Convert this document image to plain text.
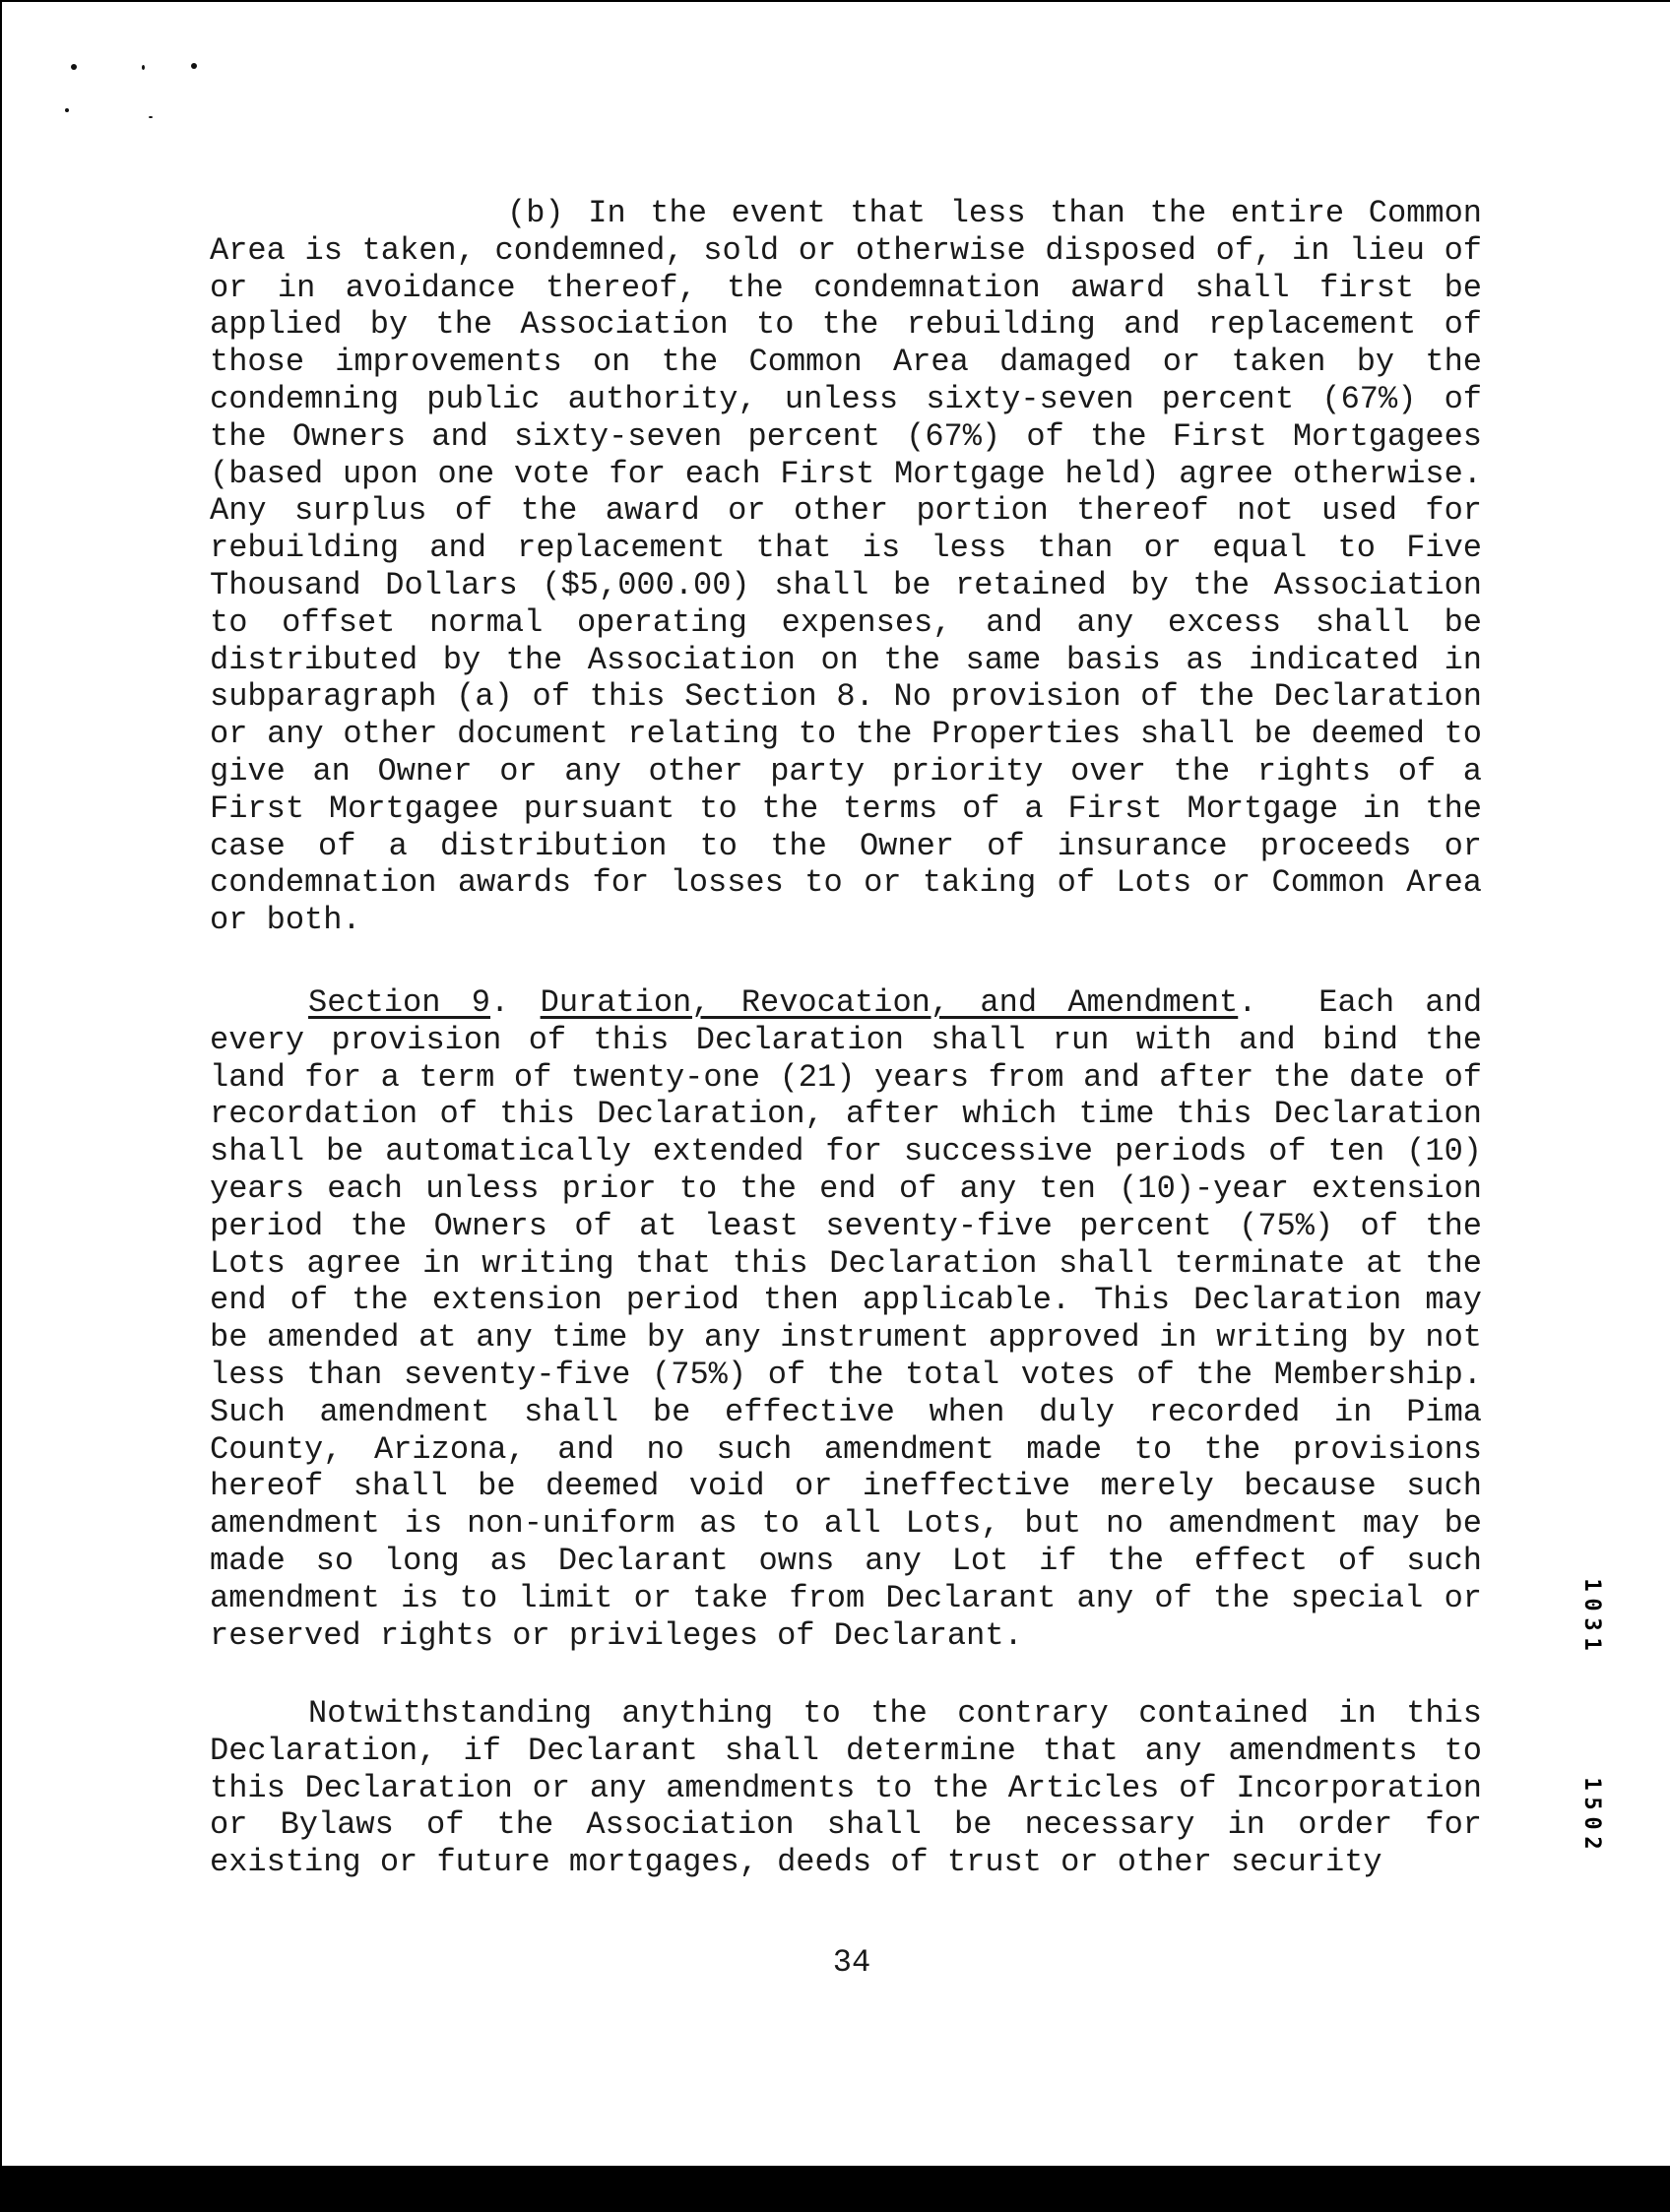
(b) In the event that less than the entire Common Area is taken, condemned, sold or otherwise disposed of, in lieu of or in avoidance thereof, the condemnation award shall first be applied by the Association to the rebuilding and replacement of those improvements on the Common Area damaged or taken by the condemning public authority, unless sixty-seven percent (67%) of the Owners and sixty-seven percent (67%) of the First Mortgagees (based upon one vote for each First Mortgage held) agree otherwise. Any surplus of the award or other portion thereof not used for rebuilding and replacement that is less than or equal to Five Thousand Dollars ($5,000.00) shall be retained by the Association to offset normal operating expenses, and any excess shall be distributed by the Association on the same basis as indicated in subparagraph (a) of this Section 8. No provision of the Declaration or any other document relating to the Properties shall be deemed to give an Owner or any other party priority over the rights of a First Mortgagee pursuant to the terms of a First Mortgage in the case of a distribution to the Owner of insurance proceeds or condemnation awards for losses to or taking of Lots or Common Area or both.

Section 9. Duration, Revocation, and Amendment. Each and every provision of this Declaration shall run with and bind the land for a term of twenty-one (21) years from and after the date of recordation of this Declaration, after which time this Declaration shall be automatically extended for successive periods of ten (10) years each unless prior to the end of any ten (10)-year extension period the Owners of at least seventy-five percent (75%) of the Lots agree in writing that this Declaration shall terminate at the end of the extension period then applicable. This Declaration may be amended at any time by any instrument approved in writing by not less than seventy-five (75%) of the total votes of the Membership. Such amendment shall be effective when duly recorded in Pima County, Arizona, and no such amendment made to the provisions hereof shall be deemed void or ineffective merely because such amendment is non-uniform as to all Lots, but no amendment may be made so long as Declarant owns any Lot if the effect of such amendment is to limit or take from Declarant any of the special or reserved rights or privileges of Declarant.

Notwithstanding anything to the contrary contained in this Declaration, if Declarant shall determine that any amendments to this Declaration or any amendments to the Articles of Incorporation or Bylaws of the Association shall be necessary in order for existing or future mortgages, deeds of trust or other security

34
1
0
3
1
1
5
0
2
